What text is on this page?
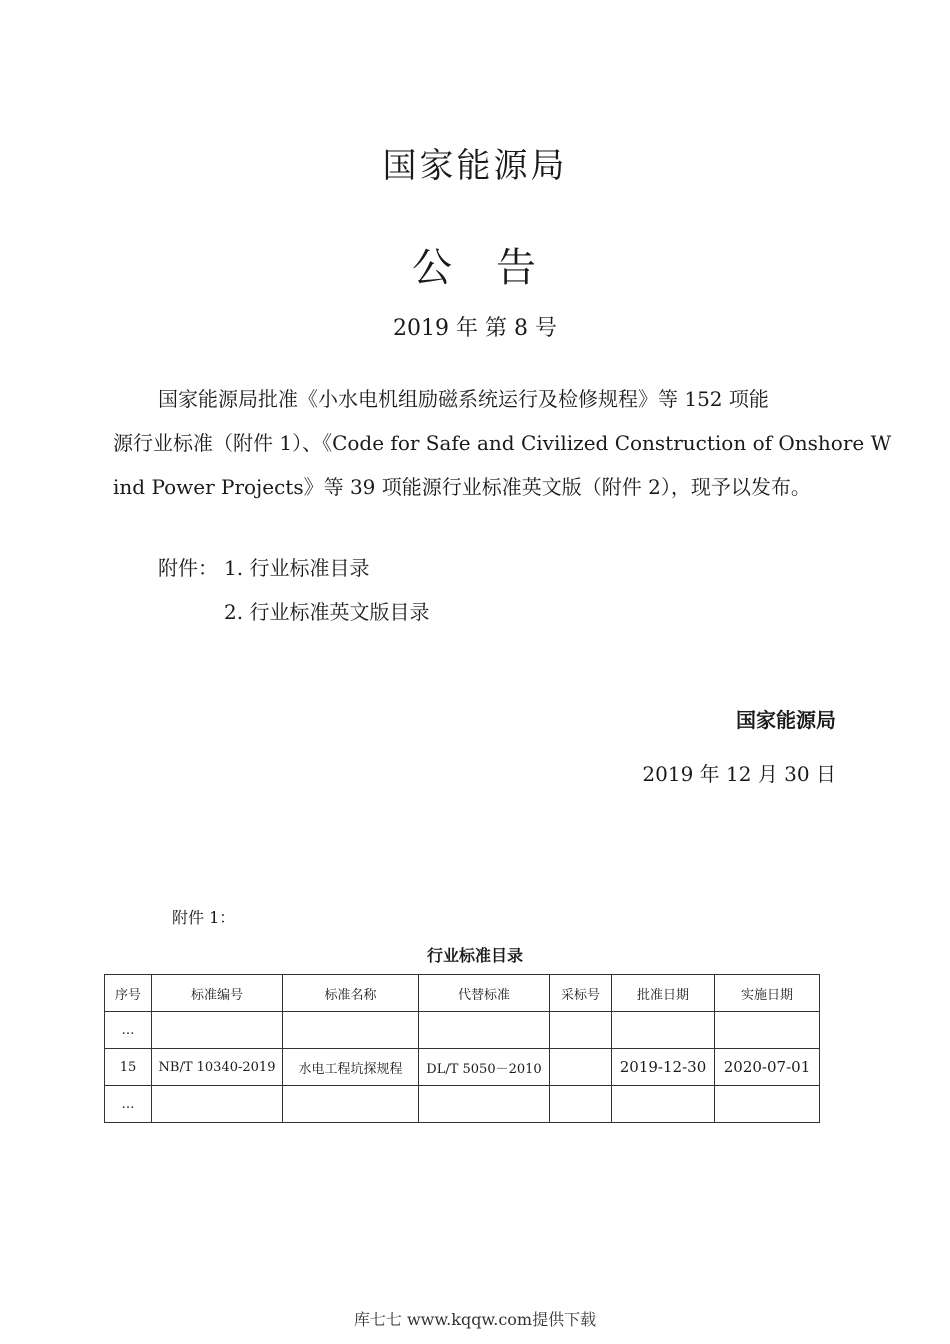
国家能源局
公　告
2019 年 第 8 号
国家能源局批准《小水电机组励磁系统运行及检修规程》等 152 项能
源行业标准（附件 1）、《Code for Safe and Civilized Construction of Onshore W
ind Power Projects》等 39 项能源行业标准英文版（附件 2），现予以发布。
附件： 1. 行业标准目录
2. 行业标准英文版目录
国家能源局
2019 年 12 月 30 日
附件 1：
行业标准目录
序号	标准编号	标准名称	代替标准	采标号	批准日期	实施日期
…						
15	NB/T 10340-2019	水电工程坑探规程	DL/T 5050－2010		2019-12-30	2020-07-01
…						
库七七 www.kqqw.com提供下载
